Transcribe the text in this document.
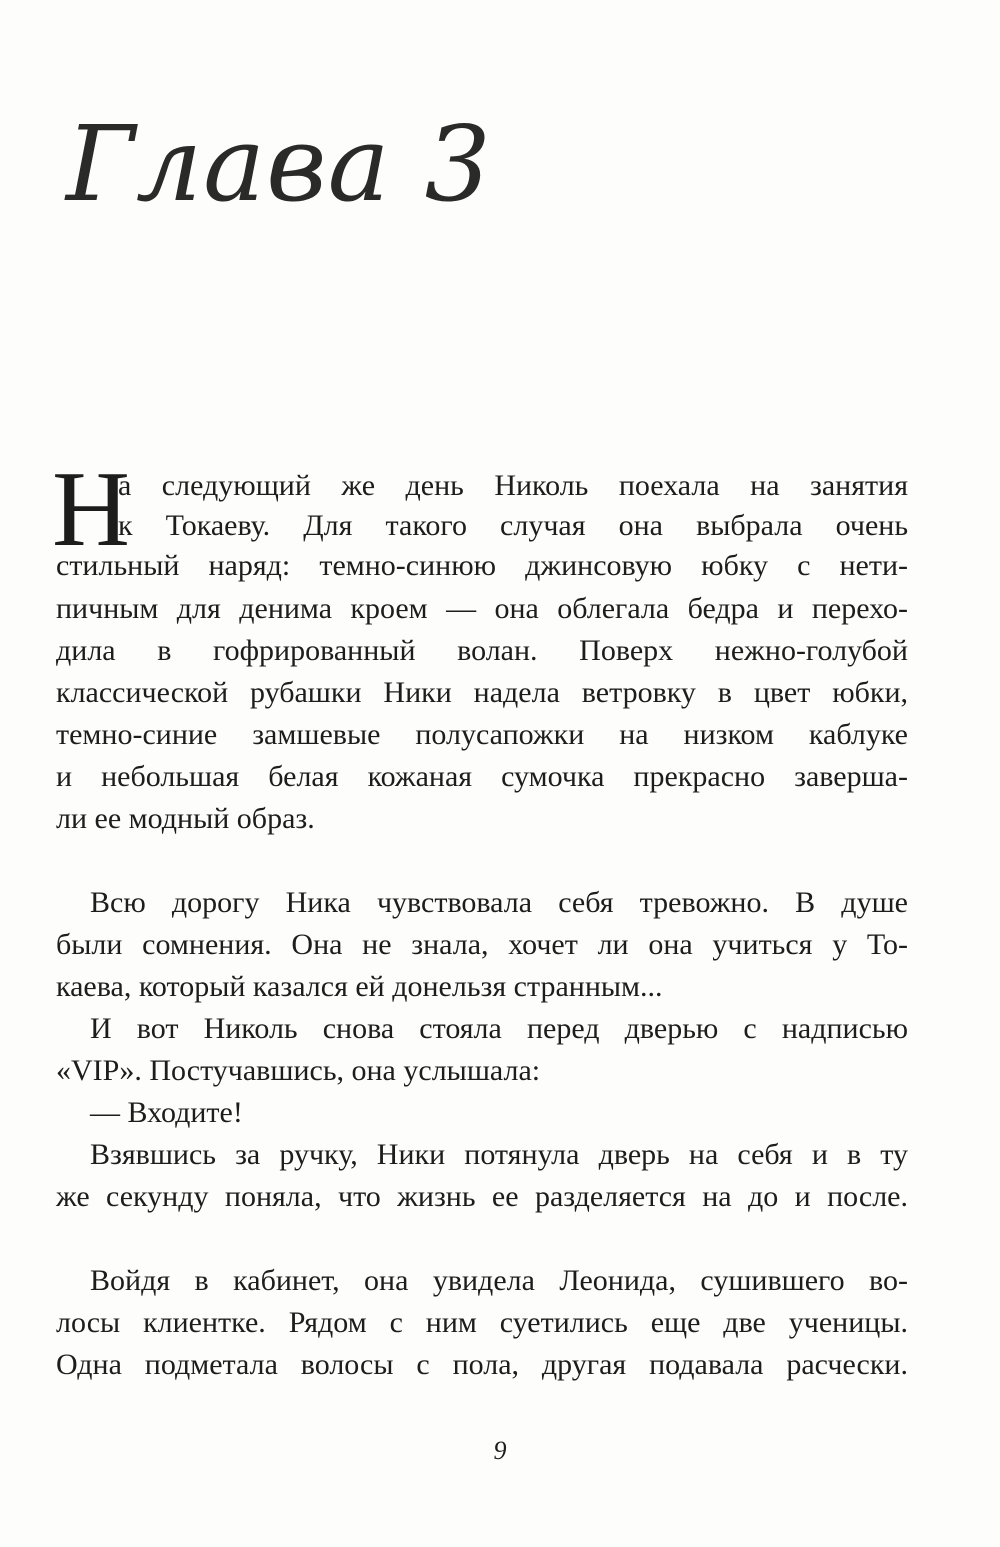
Глава 3
Н

а следующий же день Николь поехала на занятия

к Токаеву. Для такого случая она выбрала очень

стильный наряд: темно-синюю джинсовую юбку с нети-

пичным для денима кроем — она облегала бедра и перехо-

дила в гофрированный волан. Поверх нежно-голубой

классической рубашки Ники надела ветровку в цвет юбки,

темно-синие замшевые полусапожки на низком каблуке

и небольшая белая кожаная сумочка прекрасно заверша-

ли ее модный образ.

Всю дорогу Ника чувствовала себя тревожно. В душе

были сомнения. Она не знала, хочет ли она учиться у То-

каева, который казался ей донельзя странным...

И вот Николь снова стояла перед дверью с надписью

«VIP». Постучавшись, она услышала:

— Входите!

Взявшись за ручку, Ники потянула дверь на себя и в ту

же секунду поняла, что жизнь ее разделяется на до и после.

Войдя в кабинет, она увидела Леонида, сушившего во-

лосы клиентке. Рядом с ним суетились еще две ученицы.

Одна подметала волосы с пола, другая подавала расчески.

9
